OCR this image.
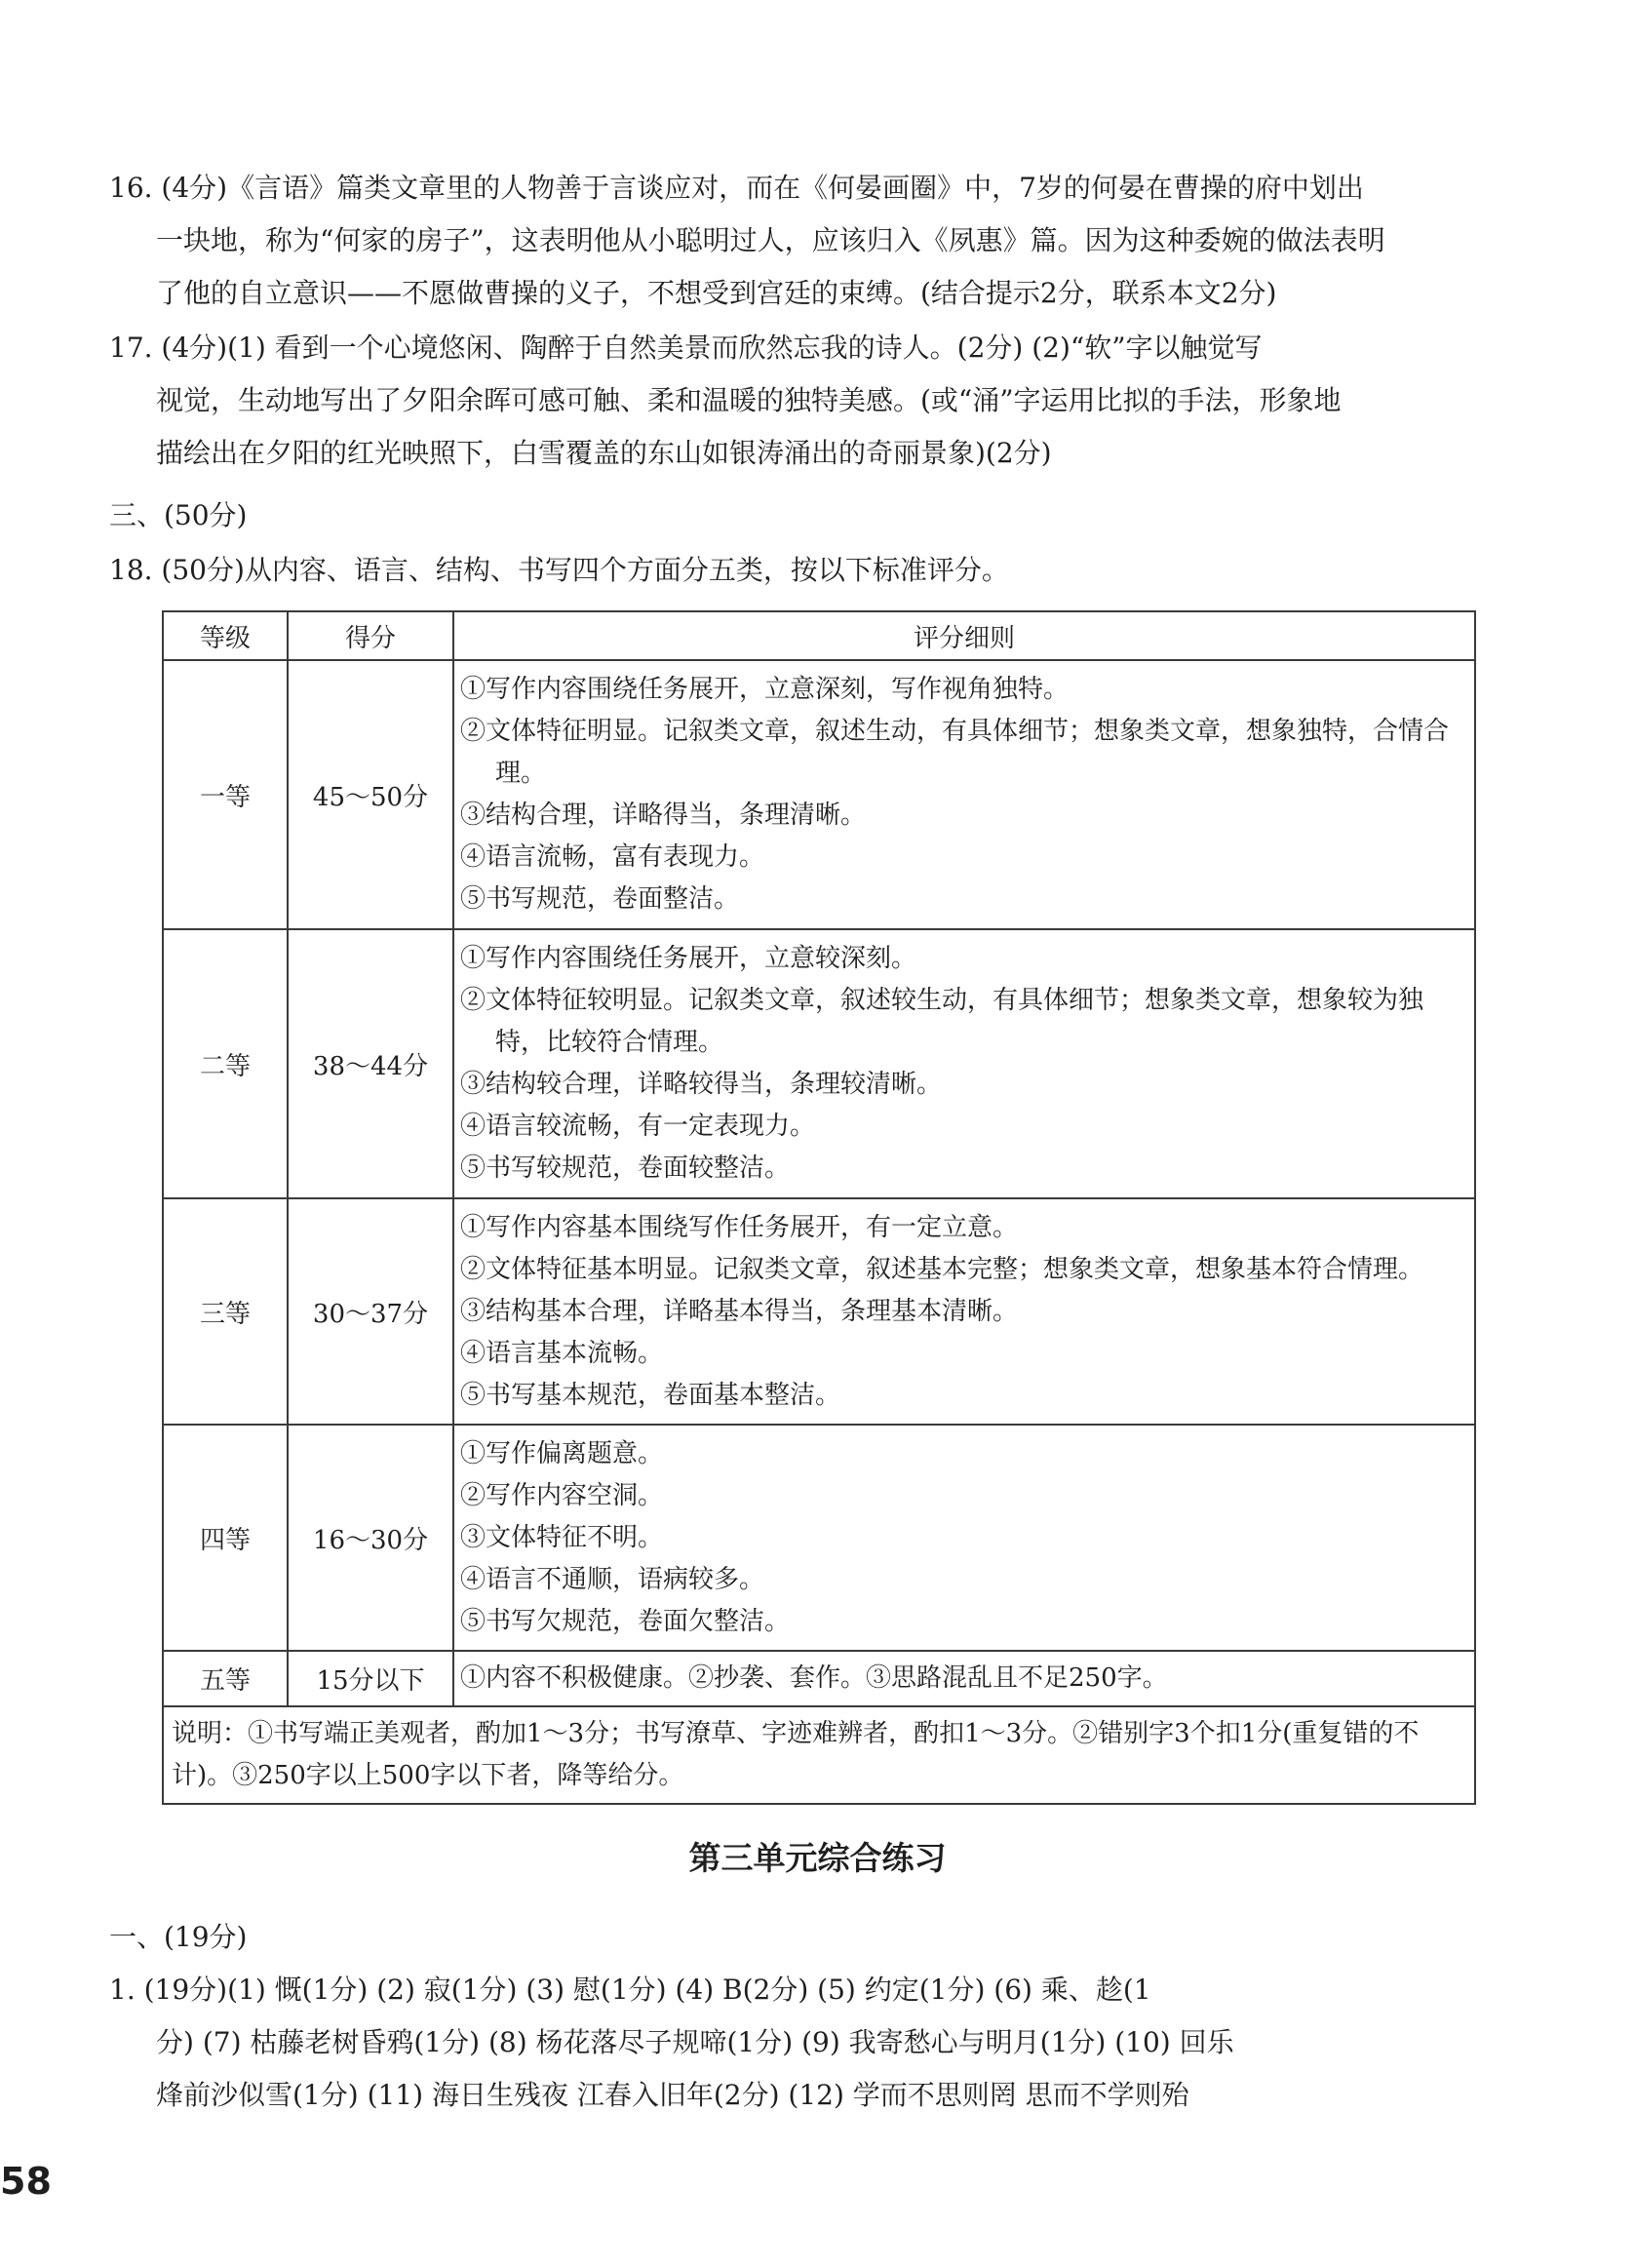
16. (4分)《言语》篇类文章里的人物善于言谈应对，而在《何晏画圈》中，7岁的何晏在曹操的府中划出
一块地，称为“何家的房子”，这表明他从小聪明过人，应该归入《夙惠》篇。因为这种委婉的做法表明
了他的自立意识——不愿做曹操的义子，不想受到宫廷的束缚。(结合提示2分，联系本文2分)
17. (4分)(1) 看到一个心境悠闲、陶醉于自然美景而欣然忘我的诗人。(2分) (2)“软”字以触觉写
视觉，生动地写出了夕阳余晖可感可触、柔和温暖的独特美感。(或“涌”字运用比拟的手法，形象地
描绘出在夕阳的红光映照下，白雪覆盖的东山如银涛涌出的奇丽景象)(2分)
三、(50分)
18. (50分)从内容、语言、结构、书写四个方面分五类，按以下标准评分。
等级	得分	评分细则
一等	45～50分	①写作内容围绕任务展开，立意深刻，写作视角独特。
②文体特征明显。记叙类文章，叙述生动，有具体细节；想象类文章，想象独特，合情合理。
③结构合理，详略得当，条理清晰。
④语言流畅，富有表现力。
⑤书写规范，卷面整洁。

二等	38～44分	①写作内容围绕任务展开，立意较深刻。
②文体特征较明显。记叙类文章，叙述较生动，有具体细节；想象类文章，想象较为独特，比较符合情理。
③结构较合理，详略较得当，条理较清晰。
④语言较流畅，有一定表现力。
⑤书写较规范，卷面较整洁。

三等	30～37分	①写作内容基本围绕写作任务展开，有一定立意。
②文体特征基本明显。记叙类文章，叙述基本完整；想象类文章，想象基本符合情理。
③结构基本合理，详略基本得当，条理基本清晰。
④语言基本流畅。
⑤书写基本规范，卷面基本整洁。

四等	16～30分	①写作偏离题意。
②写作内容空洞。
③文体特征不明。
④语言不通顺，语病较多。
⑤书写欠规范，卷面欠整洁。

五等	15分以下	①内容不积极健康。②抄袭、套作。③思路混乱且不足250字。

说明：①书写端正美观者，酌加1～3分；书写潦草、字迹难辨者，酌扣1～3分。②错别字3个扣1分(重复错的不计)。③250字以上500字以下者，降等给分。		
第三单元综合练习
一、(19分)
1. (19分)(1) 慨(1分) (2) 寂(1分) (3) 慰(1分) (4) B(2分) (5) 约定(1分) (6) 乘、趁(1
分) (7) 枯藤老树昏鸦(1分) (8) 杨花落尽子规啼(1分) (9) 我寄愁心与明月(1分) (10) 回乐
烽前沙似雪(1分) (11) 海日生残夜 江春入旧年(2分) (12) 学而不思则罔 思而不学则殆
58
